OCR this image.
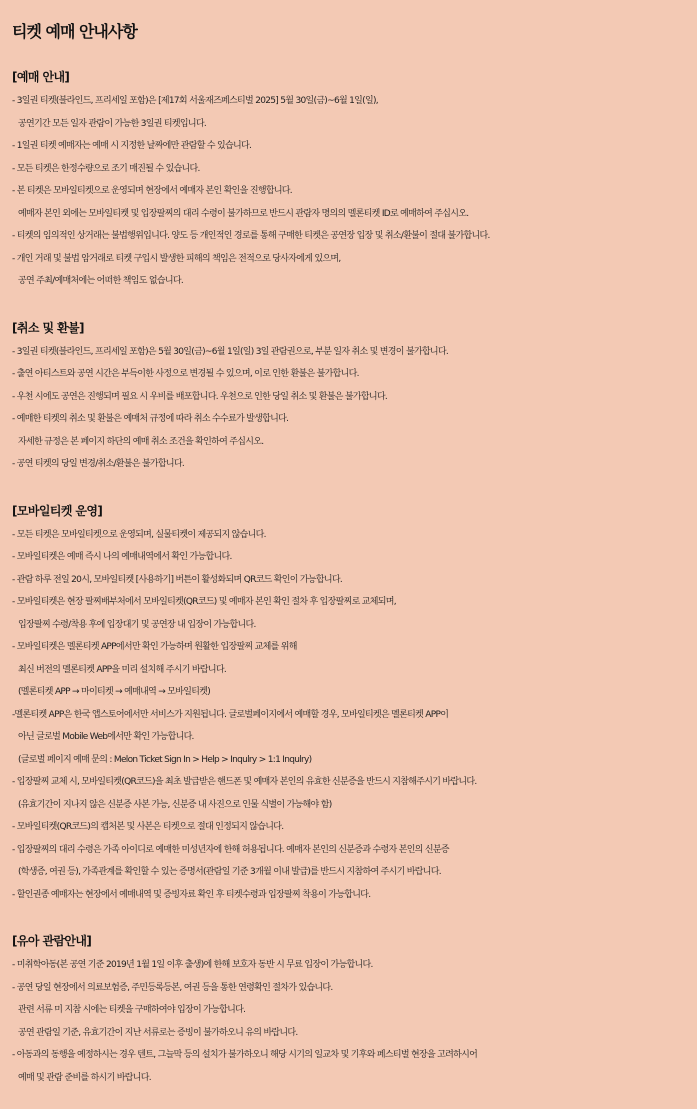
티켓 예매 안내사항
[예매 안내]
- 3일권 티켓(블라인드, 프리세일 포함)은 [제17회 서울재즈페스티벌 2025] 5월 30일(금)~6월 1일(일),
공연기간 모든 일자 관람이 가능한 3일권 티켓입니다.
- 1일권 티켓 예매자는 예매 시 지정한 날짜에만 관람할 수 있습니다.
- 모든 티켓은 한정수량으로 조기 매진될 수 있습니다.
- 본 티켓은 모바일티켓으로 운영되며 현장에서 예매자 본인 확인을 진행합니다.
예매자 본인 외에는 모바일티켓 및 입장팔찌의 대리 수령이 불가하므로 반드시 관람자 명의의 멜론티켓 ID로 예매하여 주십시오.
- 티켓의 임의적인 상거래는 불법행위입니다. 양도 등 개인적인 경로를 통해 구매한 티켓은 공연장 입장 및 취소/환불이 절대 불가합니다.
- 개인 거래 및 불법 암거래로 티켓 구입시 발생한 피해의 책임은 전적으로 당사자에게 있으며,
공연 주최/예매처에는 어떠한 책임도 없습니다.
[취소 및 환불]
- 3일권 티켓(블라인드, 프리세일 포함)은 5월 30일(금)~6월 1일(일) 3일 관람권으로, 부분 일자 취소 및 변경이 불가합니다.
- 출연 아티스트와 공연 시간은 부득이한 사정으로 변경될 수 있으며, 이로 인한 환불은 불가합니다.
- 우천 시에도 공연은 진행되며 필요 시 우비를 배포합니다. 우천으로 인한 당일 취소 및 환불은 불가합니다.
- 예매한 티켓의 취소 및 환불은 예매처 규정에 따라 취소 수수료가 발생합니다.
자세한 규정은 본 페이지 하단의 예매 취소 조건을 확인하여 주십시오.
- 공연 티켓의 당일 변경/취소/환불은 불가합니다.
[모바일티켓 운영]
- 모든 티켓은 모바일티켓으로 운영되며, 실물티켓이 제공되지 않습니다.
- 모바일티켓은 예매 즉시 나의 예매내역에서 확인 가능합니다.
- 관람 하루 전일 20시, 모바일티켓 [사용하기] 버튼이 활성화되며 QR코드 확인이 가능합니다.
- 모바일티켓은 현장 팔찌배부처에서 모바일티켓(QR코드) 및 예매자 본인 확인 절차 후 입장팔찌로 교체되며,
입장팔찌 수령/착용 후에 입장대기 및 공연장 내 입장이 가능합니다.
- 모바일티켓은 멜론티켓 APP에서만 확인 가능하며 원활한 입장팔찌 교체를 위해
최신 버전의 멜론티켓 APP을 미리 설치해 주시기 바랍니다.
(멜론티켓 APP → 마이티켓 → 예매내역 → 모바일티켓)
-멜론티켓 APP은 한국 앱스토어에서만 서비스가 지원됩니다. 글로벌페이지에서 예매할 경우, 모바일티켓은 멜론티켓 APP이
아닌 글로벌 Mobile Web에서만 확인 가능합니다.
(글로벌 페이지 예매 문의 : Melon Ticket Sign In > Help > Inqulry > 1:1 Inqulry)
- 입장팔찌 교체 시, 모바일티켓(QR코드)을 최초 발급받은 핸드폰 및 예매자 본인의 유효한 신분증을 반드시 지참해주시기 바랍니다.
(유효기간이 지나지 않은 신분증 사본 가능, 신분증 내 사진으로 인물 식별이 가능해야 함)
- 모바일티켓(QR코드)의 캡처본 및 사본은 티켓으로 절대 인정되지 않습니다.
- 입장팔찌의 대리 수령은 가족 아이디로 예매한 미성년자에 한해 허용됩니다. 예매자 본인의 신분증과 수령자 본인의 신분증
(학생증, 여권 등), 가족관계를 확인할 수 있는 증명서(관람일 기준 3개월 이내 발급)를 반드시 지참하여 주시기 바랍니다.
- 할인권종 예매자는 현장에서 예매내역 및 증빙자료 확인 후 티켓수령과 입장팔찌 착용이 가능합니다.
[유아 관람안내]
- 미취학아동(본 공연 기준 2019년 1월 1일 이후 출생)에 한해 보호자 동반 시 무료 입장이 가능합니다.
- 공연 당일 현장에서 의료보험증, 주민등록등본, 여권 등을 통한 연령확인 절차가 있습니다.
관련 서류 미 지참 시에는 티켓을 구매하여야 입장이 가능합니다.
공연 관람일 기준, 유효기간이 지난 서류로는 증빙이 불가하오니 유의 바랍니다.
- 아동과의 동행을 예정하시는 경우 텐트, 그늘막 등의 설치가 불가하오니 해당 시기의 일교차 및 기후와 페스티벌 현장을 고려하시어
예매 및 관람 준비를 하시기 바랍니다.
